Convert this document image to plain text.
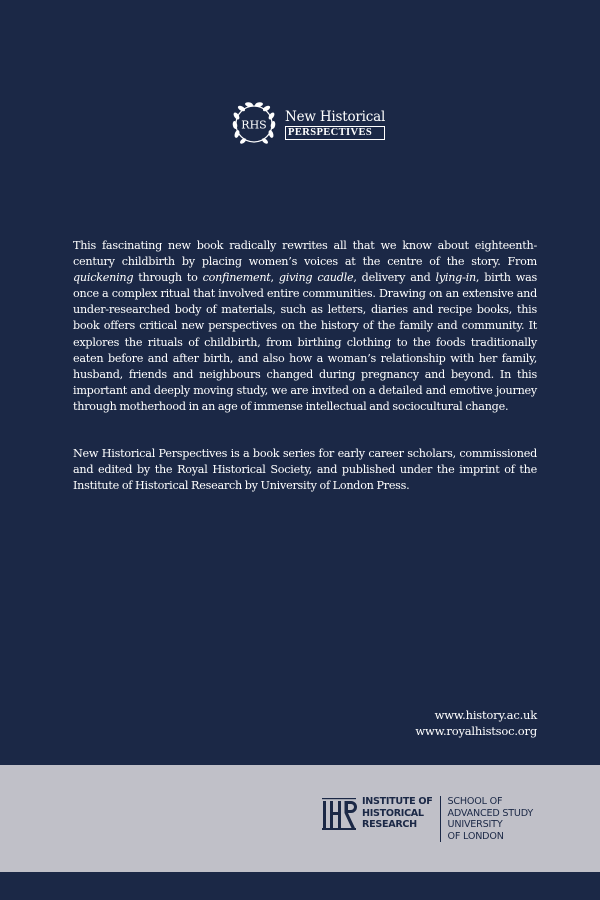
RHS
New Historical
PERSPECTIVES

This fascinating new book radically rewrites all that we know about eighteenth-century childbirth by placing women’s voices at the centre of the story. From quickening through to confinement, giving caudle, delivery and lying-in, birth was once a complex ritual that involved entire communities. Drawing on an extensive and under-researched body of materials, such as letters, diaries and recipe books, this book offers critical new perspectives on the history of the family and community. It explores the rituals of childbirth, from birthing clothing to the foods traditionally eaten before and after birth, and also how a woman’s relationship with her family, husband, friends and neighbours changed during pregnancy and beyond. In this important and deeply moving study, we are invited on a detailed and emotive journey through motherhood in an age of immense intellectual and sociocultural change.

New Historical Perspectives is a book series for early career scholars, commissioned and edited by the Royal Historical Society, and published under the imprint of the Institute of Historical Research by University of London Press.

www.history.ac.uk
www.royalhistsoc.org
INSTITUTE OF
HISTORICAL
RESEARCH
SCHOOL OF
ADVANCED STUDY
UNIVERSITY
OF LONDON
